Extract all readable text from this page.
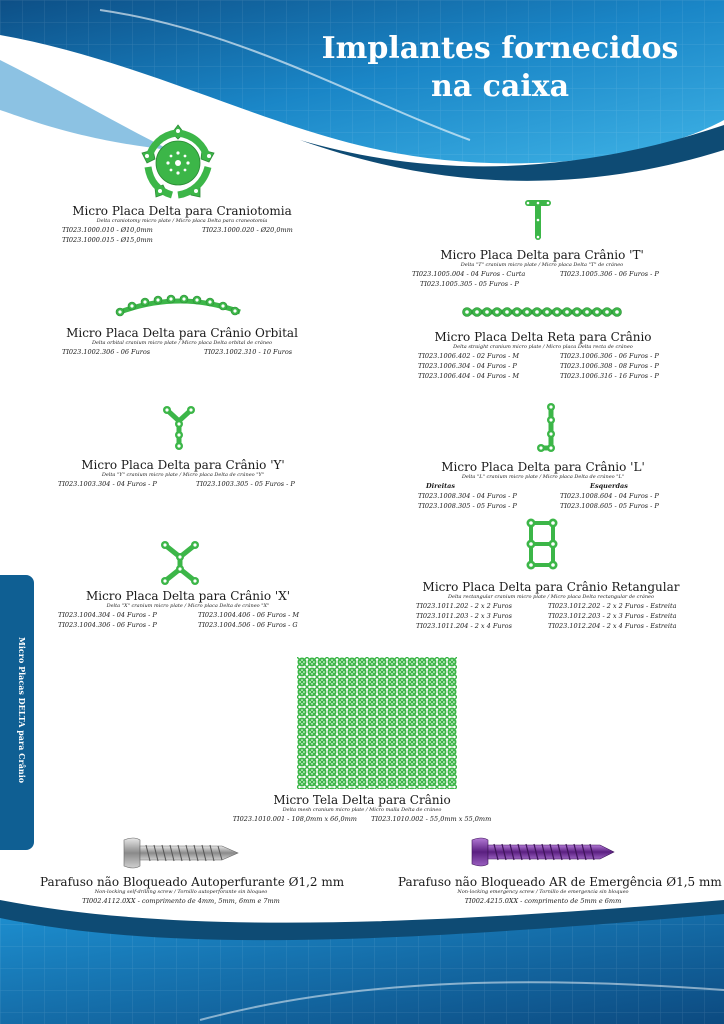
Implantes fornecidos
na caixa
Micro Placas DELTA para Crânio
Micro Placa Delta para Craniotomia
Delta craniotomy micro plate / Micro placa Delta para craneotomía
TI023.1000.010 - Ø10,0mm
TI023.1000.015 - Ø15,0mm
TI023.1000.020 - Ø20,0mm
Micro Placa Delta para Crânio 'T'
Delta "T" cranium micro plate / Micro placa Delta "T" de cráneo
TI023.1005.004 - 04 Furos - Curta
TI023.1005.305 - 05 Furos - P
TI023.1005.306 - 06 Furos - P
Micro Placa Delta para Crânio Orbital
Delta orbital cranium micro plate / Micro placa Delta orbital de cráneo
TI023.1002.306 - 06 Furos	TI023.1002.310 - 10 Furos
Micro Placa Delta Reta para Crânio
Delta straight cranium micro plate / Micro placa Delta recta de cráneo
TI023.1006.402 - 02 Furos - M
TI023.1006.304 - 04 Furos - P
TI023.1006.404 - 04 Furos - M
TI023.1006.306 - 06 Furos - P
TI023.1006.308 - 08 Furos - P
TI023.1006.316 - 16 Furos - P
Micro Placa Delta para Crânio 'Y'
Delta "Y" cranium micro plate / Micro placa Delta de cráneo "Y"
TI023.1003.304 - 04 Furos - P	TI023.1003.305 - 05 Furos - P
Micro Placa Delta para Crânio 'L'
Delta "L" cranium micro plate / Micro placa Delta de cráneo "L"
Direitas
TI023.1008.304 - 04 Furos - P
TI023.1008.305 - 05 Furos - P
Esquerdas
TI023.1008.604 - 04 Furos - P
TI023.1008.605 - 05 Furos - P
Micro Placa Delta para Crânio 'X'
Delta "X" cranium micro plate / Micro placa Delta de cráneo "X"
TI023.1004.304 - 04 Furos - P
TI023.1004.306 - 06 Furos - P
TI023.1004.406 - 06 Furos - M
TI023.1004.506 - 06 Furos - G
Micro Placa Delta para Crânio Retangular
Delta rectangular cranium micro plate / Micro placa Delta rectangular de cráneo
TI023.1011.202 - 2 x 2 Furos
TI023.1011.203 - 2 x 3 Furos
TI023.1011.204 - 2 x 4 Furos
TI023.1012.202 - 2 x 2 Furos - Estreita
TI023.1012.203 - 2 x 3 Furos - Estreita
TI023.1012.204 - 2 x 4 Furos - Estreita
Micro Tela Delta para Crânio
Delta mesh cranium micro plate / Micro malla Delta de cráneo
TI023.1010.001 - 108,0mm x 66,0mm TI023.1010.002 - 55,0mm x 55,0mm
Parafuso não Bloqueado Autoperfurante Ø1,2 mm
Non-locking self-drilling screw / Tornillo autoperforante sin bloqueo
TI002.4112.0XX - comprimento de 4mm, 5mm, 6mm e 7mm
Parafuso não Bloqueado AR de Emergência Ø1,5 mm
Non-locking emergency screw / Tornillo de emergencia sin bloqueo
TI002.4215.0XX - comprimento de 5mm e 6mm
